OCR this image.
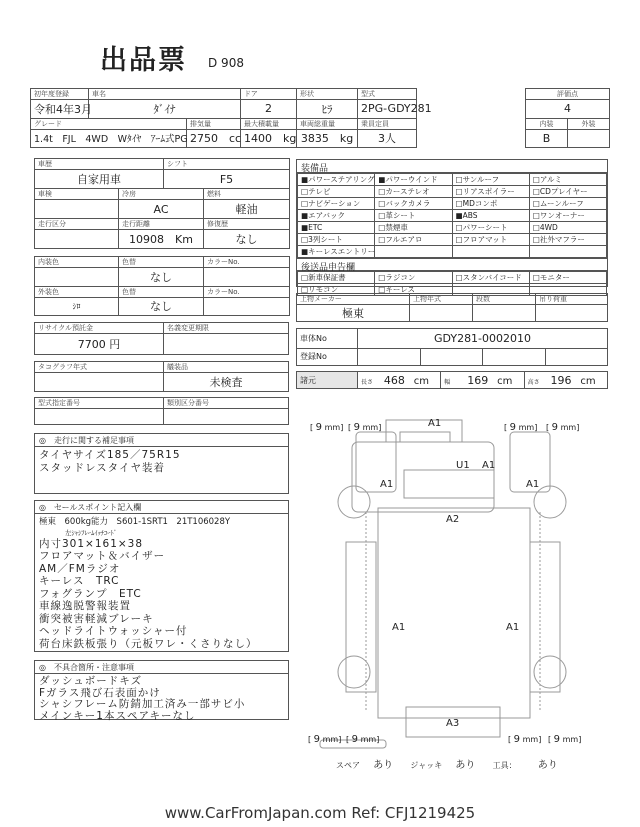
出品票 D 908
初年度登録	車名		ドア	形状	型式
令和4年3月	ﾀﾞｲﾅ		2	ﾋﾗ	2PG-GDY281
グレード		排気量	最大積載量	車両総重量	乗員定員
1.4t　FJL　4WD　Wﾀｲﾔ　ｱｰﾑ式PG		2750　cc	1400　kg	3835　kg	3人
評価点	
4	
内装	外装
B	
車歴		シフト	
自家用車		F5	
車検	冷房		燃料
	AC		軽油
走行区分	走行距離		修復歴
	10908　Km		なし
内装色	色替	カラーNo.
	なし	
外装色	色替	カラーNo.
ｼﾛ	なし	
リサイクル預託金	名義変更期限
7700 円	
タコグラフ年式	艤装品
	未検査
型式指定番号	類別区分番号

◎　走行に関する補足事項
タイヤサイズ185／75R15
スタッドレスタイヤ装着
◎　セールスポイント記入欄
極東　600kg能力　S601-1SRT1　21T106028Y
左ｼｬｼﾌﾚｰﾑｲｯﾁｺｰﾄﾞ
内寸301×161×38
フロアマット＆バイザー
AM／FMラジオ
キーレス　TRC
フォグランプ　ETC
車線逸脱警報装置
衝突被害軽減ブレーキ
ヘッドライトウォッシャー付
荷台床鉄板張り（元板ワレ・くさりなし）
◎　不具合箇所・注意事項
ダッシュボードキズ
Fガラス飛び石表面かけ
シャシフレーム防錆加工済み一部サビ小
メインキー1本スペアキーなし
装備品
■パワーステアリング	■パワーウインド	□サンルーフ	□アルミ
□テレビ	□カーステレオ	□リアスポイラー	□CDプレイヤー
□ナビゲーション	□バックカメラ	□MDコンポ	□ムーンルーフ
■エアバック	□革シート	■ABS	□ワンオーナー
■ETC	□禁煙車	□パワーシート	□4WD
□3列シート	□フルエアロ	□フロアマット	□社外マフラー
■キーレスエントリー			
後送品申告欄
□新車保証書	□ラジコン	□スタンバイコード	□モニター
□リモコン	□キーレス		
上物メーカー	上物年式	段数	吊り荷重
極東			
車体No	GDY281-0002010			
登録No				
諸元	長さ 468 cm	幅 169 cm	高さ 196 cm
A1
A1
U1 A1
A1
A2
A1	A1
A3
[ 9 mm] [ 9 mm]	[ 9 mm] [ 9 mm]
[ 9 mm] [ 9 mm]	[ 9 mm] [ 9 mm]
スペア あり ジャッキ あり 工具： あり
www.CarFromJapan.com Ref: CFJ1219425
